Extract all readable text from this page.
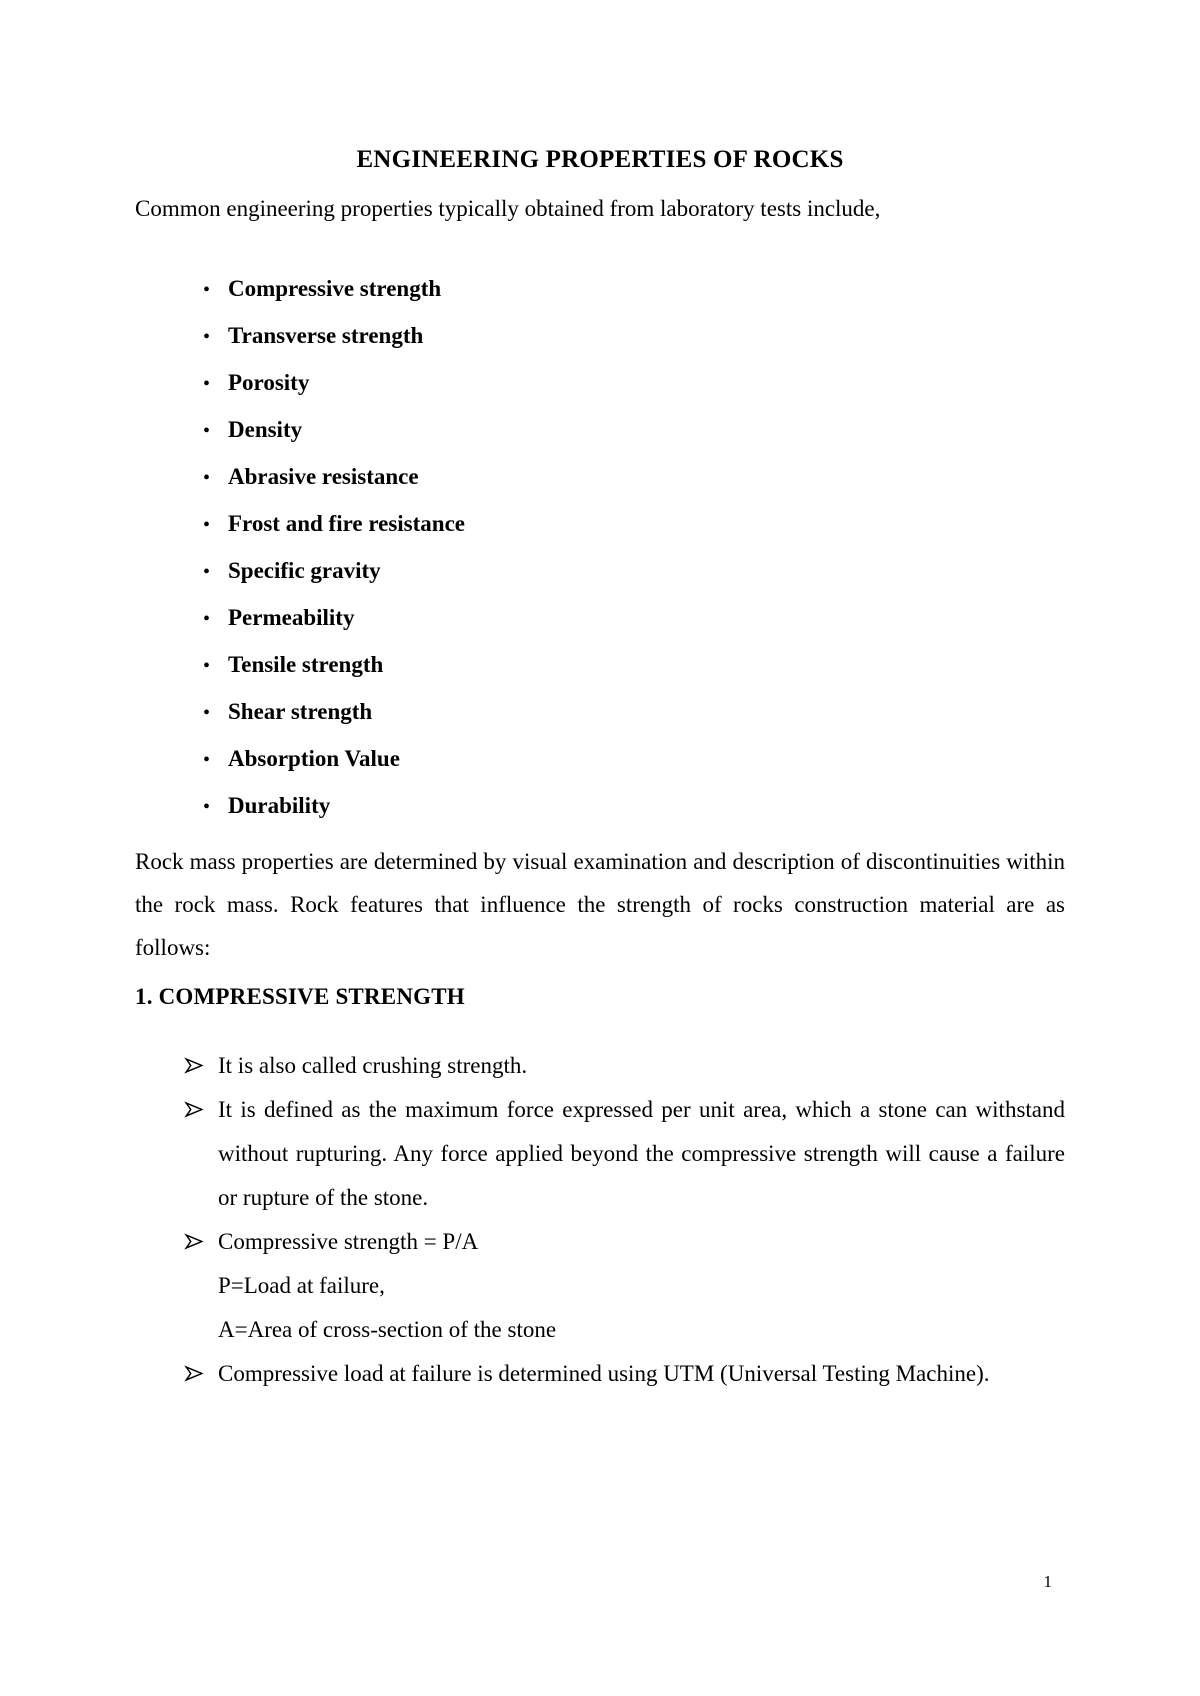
ENGINEERING PROPERTIES OF ROCKS

Common engineering properties typically obtained from laboratory tests include,

• Compressive strength
• Transverse strength
• Porosity
• Density
• Abrasive resistance
• Frost and fire resistance
• Specific gravity
• Permeability
• Tensile strength
• Shear strength
• Absorption Value
• Durability

Rock mass properties are determined by visual examination and description of discontinuities within the rock mass. Rock features that influence the strength of rocks construction material are as follows:

1. COMPRESSIVE STRENGTH
It is also called crushing strength.
It is defined as the maximum force expressed per unit area, which a stone can withstand without rupturing. Any force applied beyond the compressive strength will cause a failure or rupture of the stone.
Compressive strength = P/A
P=Load at failure,
A=Area of cross-section of the stone
Compressive load at failure is determined using UTM (Universal Testing Machine).
1
